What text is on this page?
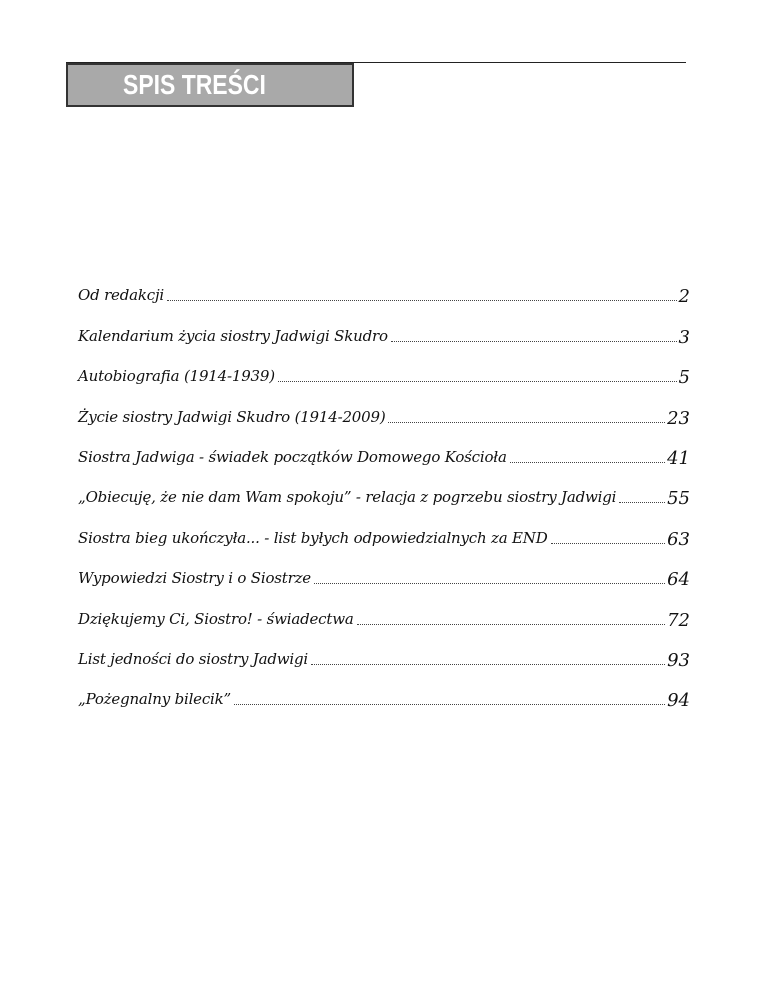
SPIS TREŚCI
Od redakcji	2
Kalendarium życia siostry Jadwigi Skudro	3
Autobiografia (1914-1939)	5
Życie siostry Jadwigi Skudro (1914-2009)	23
Siostra Jadwiga - świadek początków Domowego Kościoła	41
„Obiecuję, że nie dam Wam spokoju” - relacja z pogrzebu siostry Jadwigi	55
Siostra bieg ukończyła... - list byłych odpowiedzialnych za END	63
Wypowiedzi Siostry i o Siostrze	64
Dziękujemy Ci, Siostro! - świadectwa	72
List jedności do siostry Jadwigi	93
„Pożegnalny bilecik”	94
